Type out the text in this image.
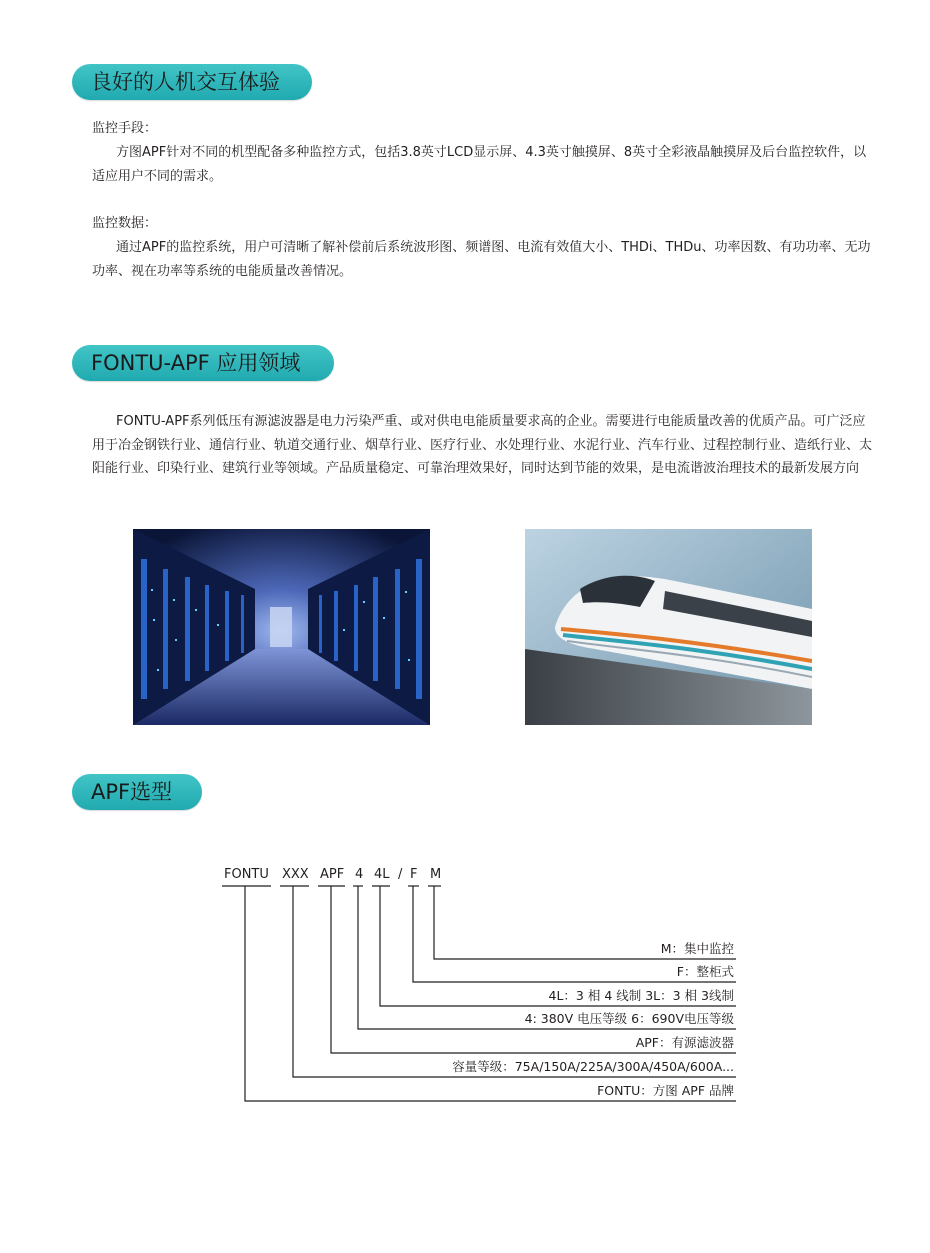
良好的人机交互体验
监控手段：

方图APF针对不同的机型配备多种监控方式，包括3.8英寸LCD显示屏、4.3英寸触摸屏、8英寸全彩液晶触摸屏及后台监控软件，以适应用户不同的需求。

监控数据：

通过APF的监控系统，用户可清晰了解补偿前后系统波形图、频谱图、电流有效值大小、THDi、THDu、功率因数、有功功率、无功功率、视在功率等系统的电能质量改善情况。

FONTU-APF 应用领域

FONTU-APF系列低压有源滤波器是电力污染严重、或对供电电能质量要求高的企业。需要进行电能质量改善的优质产品。可广泛应用于冶金钢铁行业、通信行业、轨道交通行业、烟草行业、医疗行业、水处理行业、水泥行业、汽车行业、过程控制行业、造纸行业、太阳能行业、印染行业、建筑行业等领域。产品质量稳定、可靠治理效果好，同时达到节能的效果，是电流谐波治理技术的最新发展方向

APF选型
FONTU XXX APF 4 4L / F M
M：集中监控
F：整柜式
4L：3 相 4 线制 3L：3 相 3线制
4: 380V 电压等级 6：690V电压等级
APF：有源滤波器
容量等级：75A/150A/225A/300A/450A/600A...
FONTU：方图 APF 品牌
